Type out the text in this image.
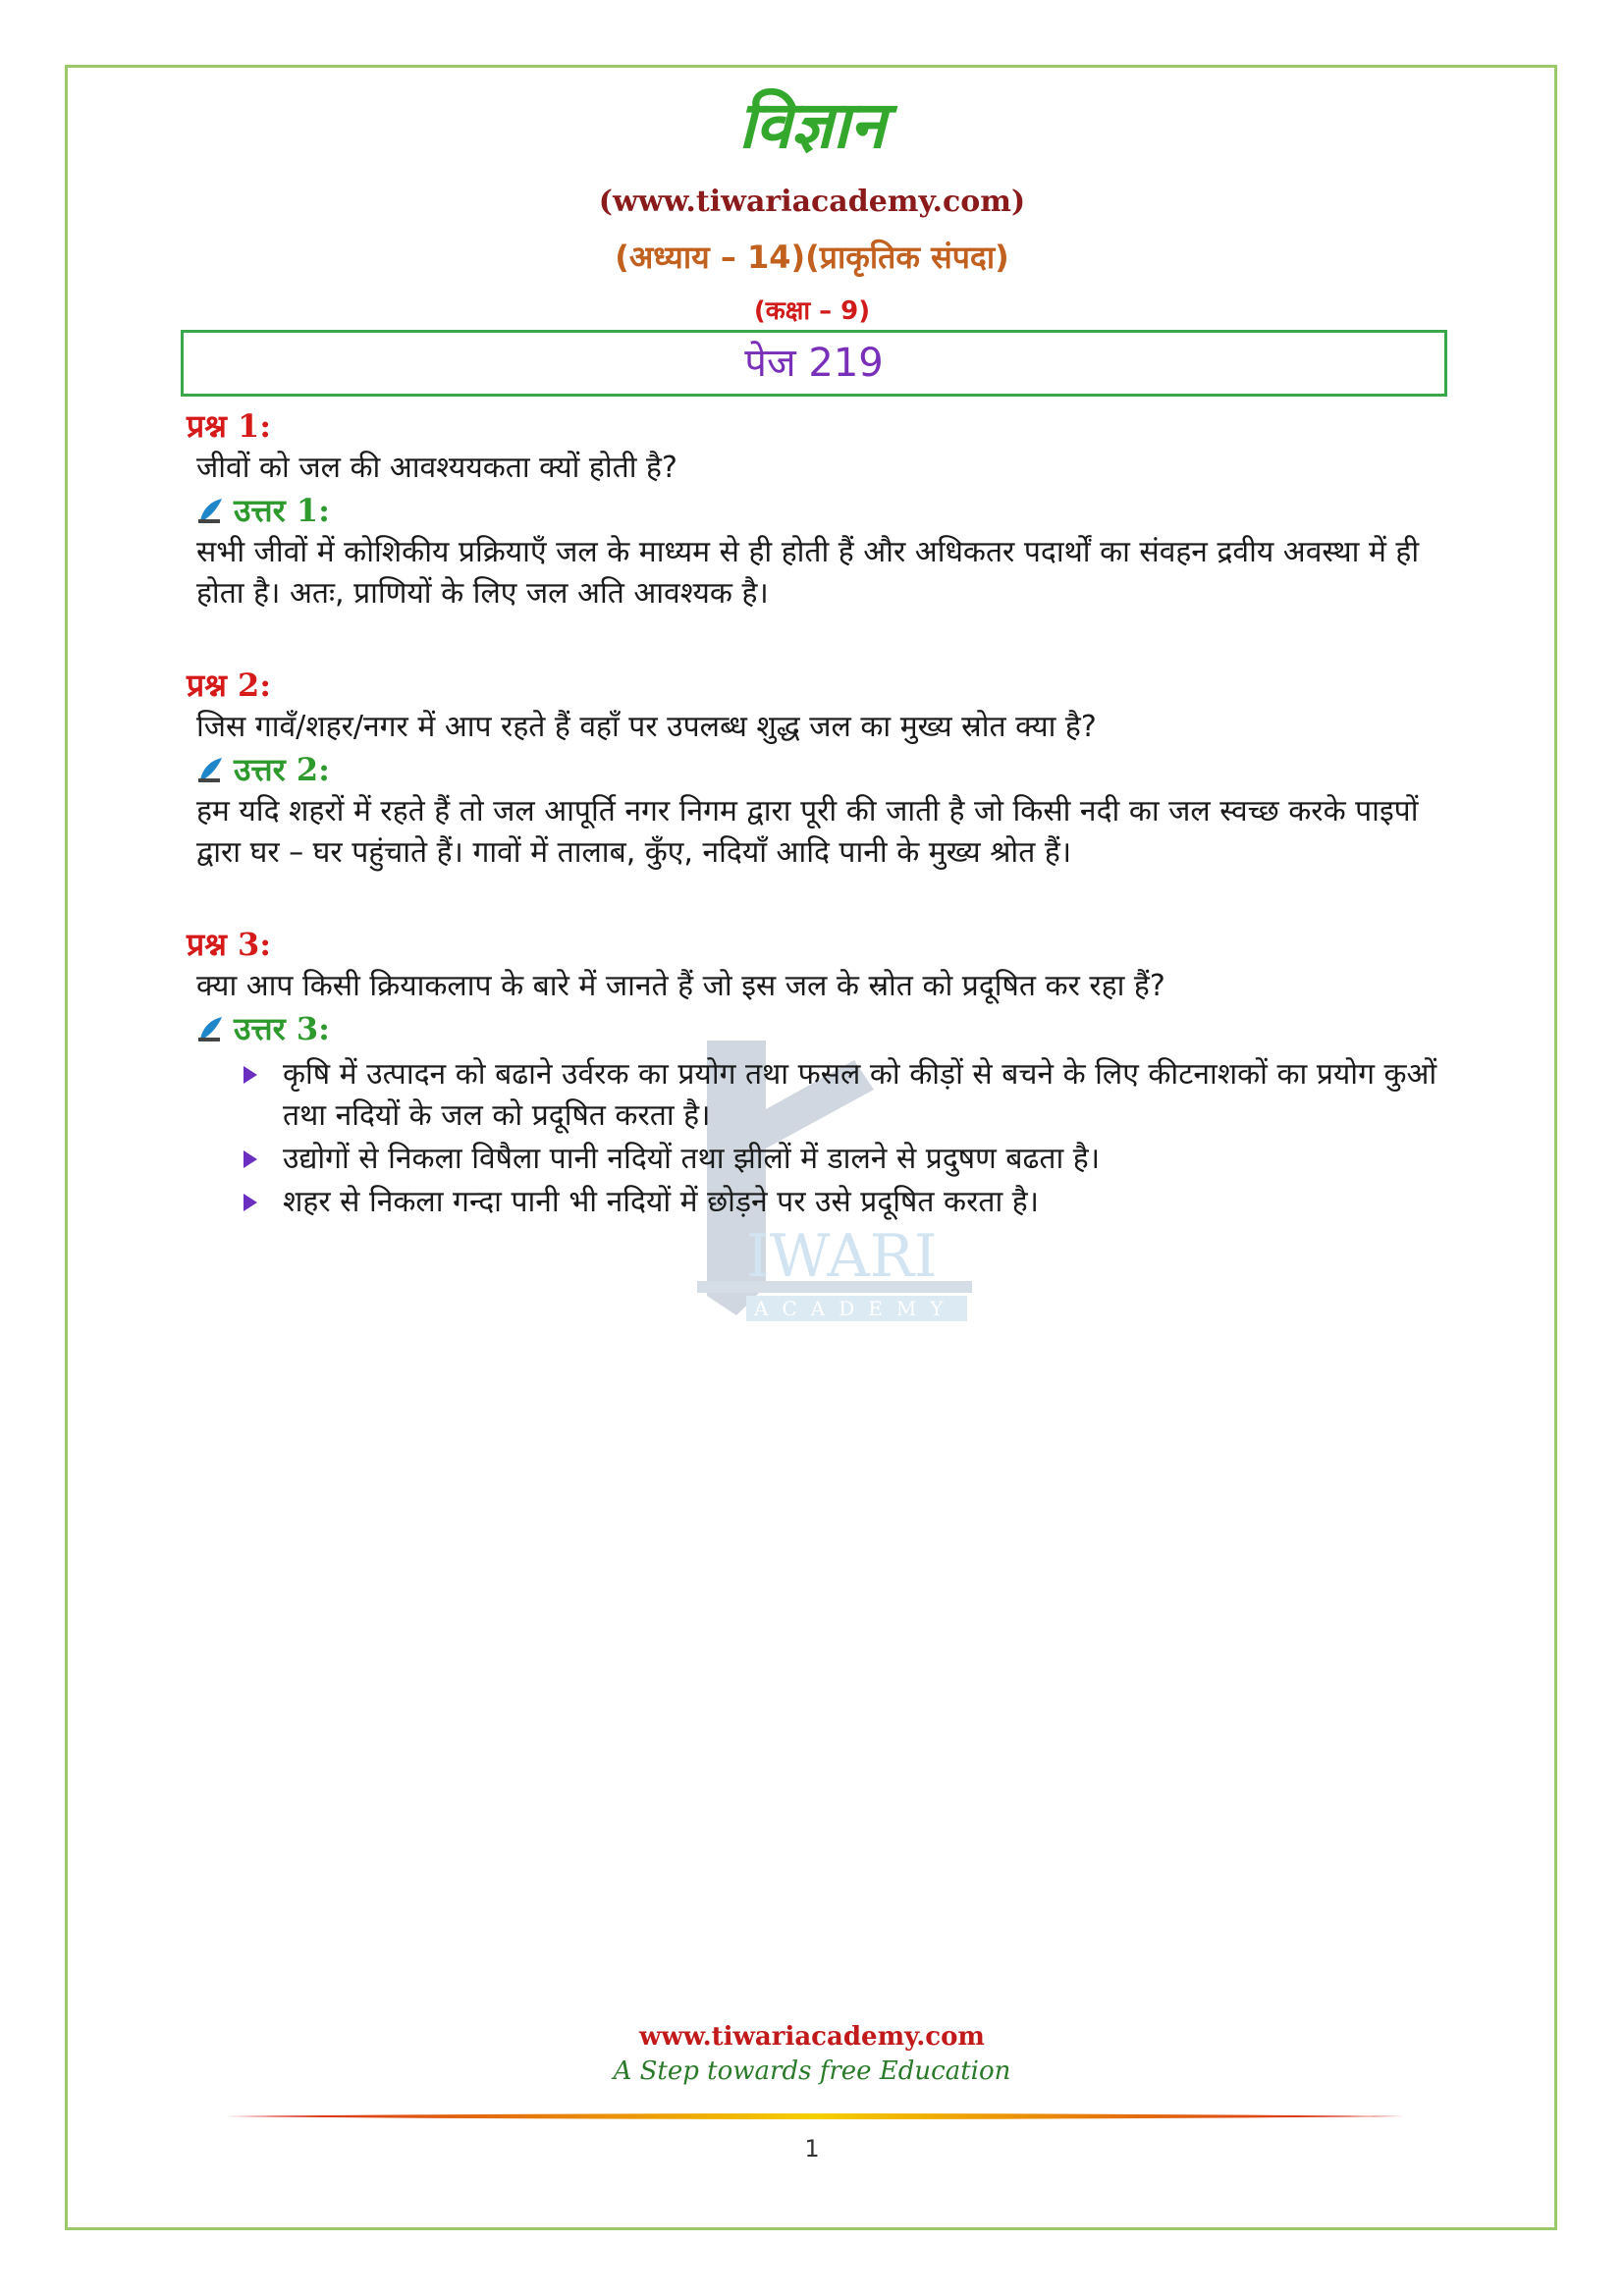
विज्ञान
(www.tiwariacademy.com)
(अध्याय – 14)(प्राकृतिक संपदा)
(कक्षा – 9)
पेज 219
IWARI
ACADEMY
प्रश्न 1:
जीवों को जल की आवश्ययकता क्यों होती है?
उत्तर 1:

सभी जीवों में कोशिकीय प्रक्रियाएँ जल के माध्यम से ही होती हैं और अधिकतर पदार्थों का संवहन द्रवीय अवस्था में ही होता है। अतः, प्राणियों के लिए जल अति आवश्यक है।

प्रश्न 2:
जिस गावँ/शहर/नगर में आप रहते हैं वहाँ पर उपलब्ध शुद्ध जल का मुख्य स्रोत क्या है?
उत्तर 2:

हम यदि शहरों में रहते हैं तो जल आपूर्ति नगर निगम द्वारा पूरी की जाती है जो किसी नदी का जल स्वच्छ करके पाइपों द्वारा घर – घर पहुंचाते हैं। गावों में तालाब, कुँए, नदियाँ आदि पानी के मुख्य श्रोत हैं।

प्रश्न 3:
क्या आप किसी क्रियाकलाप के बारे में जानते हैं जो इस जल के स्रोत को प्रदूषित कर रहा हैं?
उत्तर 3:
कृषि में उत्पादन को बढाने उर्वरक का प्रयोग तथा फसल को कीड़ों से बचने के लिए कीटनाशकों का प्रयोग कुओं तथा नदियों के जल को प्रदूषित करता है।
उद्योगों से निकला विषैला पानी नदियों तथा झीलों में डालने से प्रदुषण बढता है।
शहर से निकला गन्दा पानी भी नदियों में छोड़ने पर उसे प्रदूषित करता है।
www.tiwariacademy.com
A Step towards free Education
1
